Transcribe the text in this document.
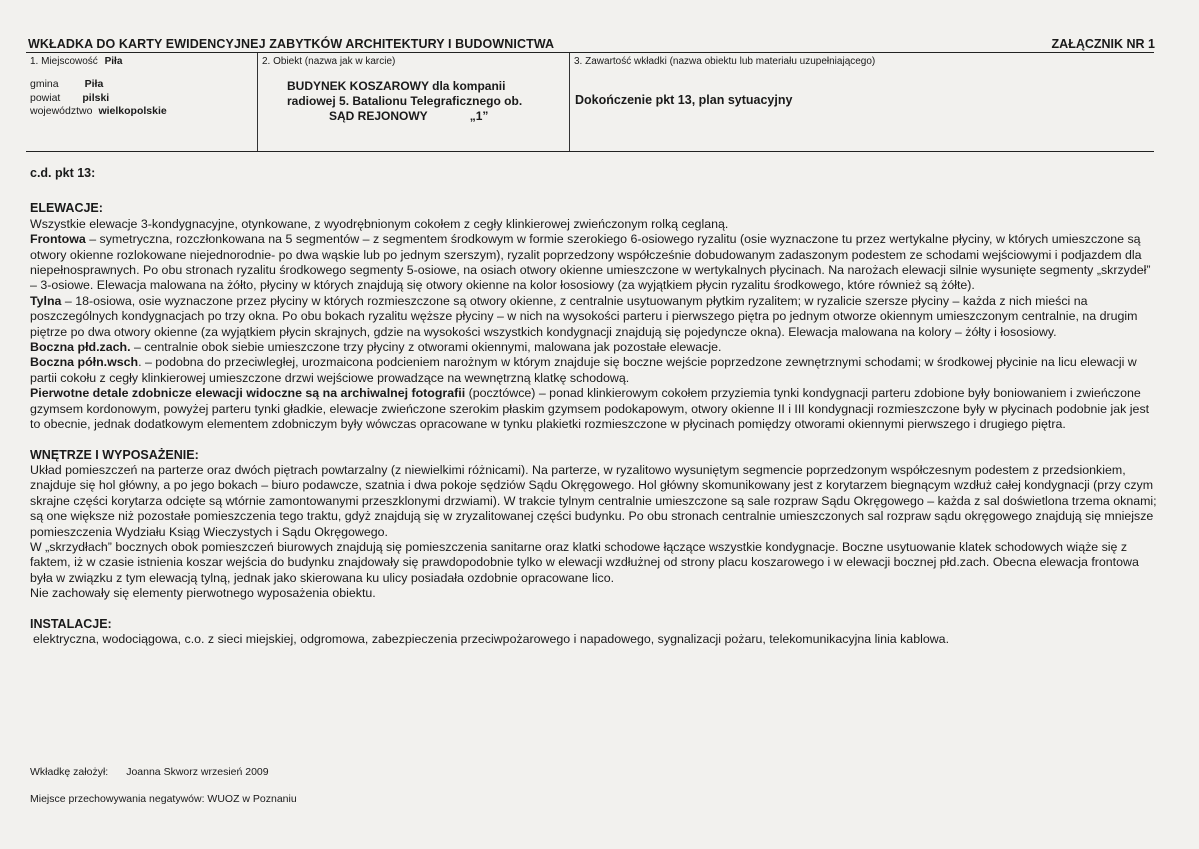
WKŁADKA DO KARTY EWIDENCYJNEJ ZABYTKÓW ARCHITEKTURY I BUDOWNICTWA	ZAŁĄCZNIK NR 1
1. Miejscowość Piła
gmina Piła
powiat pilski
województwo wielkopolskie
2. Obiekt (nazwa jak w karcie)
BUDYNEK KOSZAROWY dla kompanii
radiowej 5. Batalionu Telegraficznego ob.
SĄD REJONOWY	„1”
3. Zawartość wkładki (nazwa obiektu lub materiału uzupełniającego)
Dokończenie pkt 13, plan sytuacyjny
c.d. pkt 13:

ELEWACJE:

Wszystkie elewacje 3-kondygnacyjne, otynkowane, z wyodrębnionym cokołem z cegły klinkierowej zwieńczonym rolką ceglaną.

Frontowa – symetryczna, rozczłonkowana na 5 segmentów – z segmentem środkowym w formie szerokiego 6-osiowego ryzalitu (osie wyznaczone tu przez wertykalne płyciny, w których umieszczone są otwory okienne rozlokowane niejednorodnie- po dwa wąskie lub po jednym szerszym), ryzalit poprzedzony współcześnie dobudowanym zadaszonym podestem ze schodami wejściowymi i podjazdem dla niepełnosprawnych. Po obu stronach ryzalitu środkowego segmenty 5-osiowe, na osiach otwory okienne umieszczone w wertykalnych płycinach. Na narożach elewacji silnie wysunięte segmenty „skrzydeł” – 3-osiowe. Elewacja malowana na żółto, płyciny w których znajdują się otwory okienne na kolor łososiowy (za wyjątkiem płycin ryzalitu środkowego, które również są żółte).

Tylna – 18-osiowa, osie wyznaczone przez płyciny w których rozmieszczone są otwory okienne, z centralnie usytuowanym płytkim ryzalitem; w ryzalicie szersze płyciny – każda z nich mieści na poszczególnych kondygnacjach po trzy okna. Po obu bokach ryzalitu węższe płyciny – w nich na wysokości parteru i pierwszego piętra po jednym otworze okiennym umieszczonym centralnie, na drugim piętrze po dwa otwory okienne (za wyjątkiem płycin skrajnych, gdzie na wysokości wszystkich kondygnacji znajdują się pojedyncze okna). Elewacja malowana na kolory – żółty i łososiowy.

Boczna płd.zach. – centralnie obok siebie umieszczone trzy płyciny z otworami okiennymi, malowana jak pozostałe elewacje.

Boczna półn.wsch. – podobna do przeciwległej, urozmaicona podcieniem narożnym w którym znajduje się boczne wejście poprzedzone zewnętrznymi schodami; w środkowej płycinie na licu elewacji w partii cokołu z cegły klinkierowej umieszczone drzwi wejściowe prowadzące na wewnętrzną klatkę schodową.

Pierwotne detale zdobnicze elewacji widoczne są na archiwalnej fotografii (pocztówce) – ponad klinkierowym cokołem przyziemia tynki kondygnacji parteru zdobione były boniowaniem i zwieńczone gzymsem kordonowym, powyżej parteru tynki gładkie, elewacje zwieńczone szerokim płaskim gzymsem podokapowym, otwory okienne II i III kondygnacji rozmieszczone były w płycinach podobnie jak jest to obecnie, jednak dodatkowym elementem zdobniczym były wówczas opracowane w tynku plakietki rozmieszczone w płycinach pomiędzy otworami okiennymi pierwszego i drugiego piętra.

WNĘTRZE I WYPOSAŻENIE:

Układ pomieszczeń na parterze oraz dwóch piętrach powtarzalny (z niewielkimi różnicami). Na parterze, w ryzalitowo wysuniętym segmencie poprzedzonym współczesnym podestem z przedsionkiem, znajduje się hol główny, a po jego bokach – biuro podawcze, szatnia i dwa pokoje sędziów Sądu Okręgowego. Hol główny skomunikowany jest z korytarzem biegnącym wzdłuż całej kondygnacji (przy czym skrajne części korytarza odcięte są wtórnie zamontowanymi przeszklonymi drzwiami). W trakcie tylnym centralnie umieszczone są sale rozpraw Sądu Okręgowego – każda z sal doświetlona trzema oknami; są one większe niż pozostałe pomieszczenia tego traktu, gdyż znajdują się w zryzalitowanej części budynku. Po obu stronach centralnie umieszczonych sal rozpraw sądu okręgowego znajdują się mniejsze pomieszczenia Wydziału Ksiąg Wieczystych i Sądu Okręgowego.

W „skrzydłach” bocznych obok pomieszczeń biurowych znajdują się pomieszczenia sanitarne oraz klatki schodowe łączące wszystkie kondygnacje. Boczne usytuowanie klatek schodowych wiąże się z faktem, iż w czasie istnienia koszar wejścia do budynku znajdowały się prawdopodobnie tylko w elewacji wzdłużnej od strony placu koszarowego i w elewacji bocznej płd.zach. Obecna elewacja frontowa była w związku z tym elewacją tylną, jednak jako skierowana ku ulicy posiadała ozdobnie opracowane lico.

Nie zachowały się elementy pierwotnego wyposażenia obiektu.

INSTALACJE:

elektryczna, wodociągowa, c.o. z sieci miejskiej, odgromowa, zabezpieczenia przeciwpożarowego i napadowego, sygnalizacji pożaru, telekomunikacyjna linia kablowa.

Wkładkę założył: Joanna Skworz wrzesień 2009
Miejsce przechowywania negatywów: WUOZ w Poznaniu
